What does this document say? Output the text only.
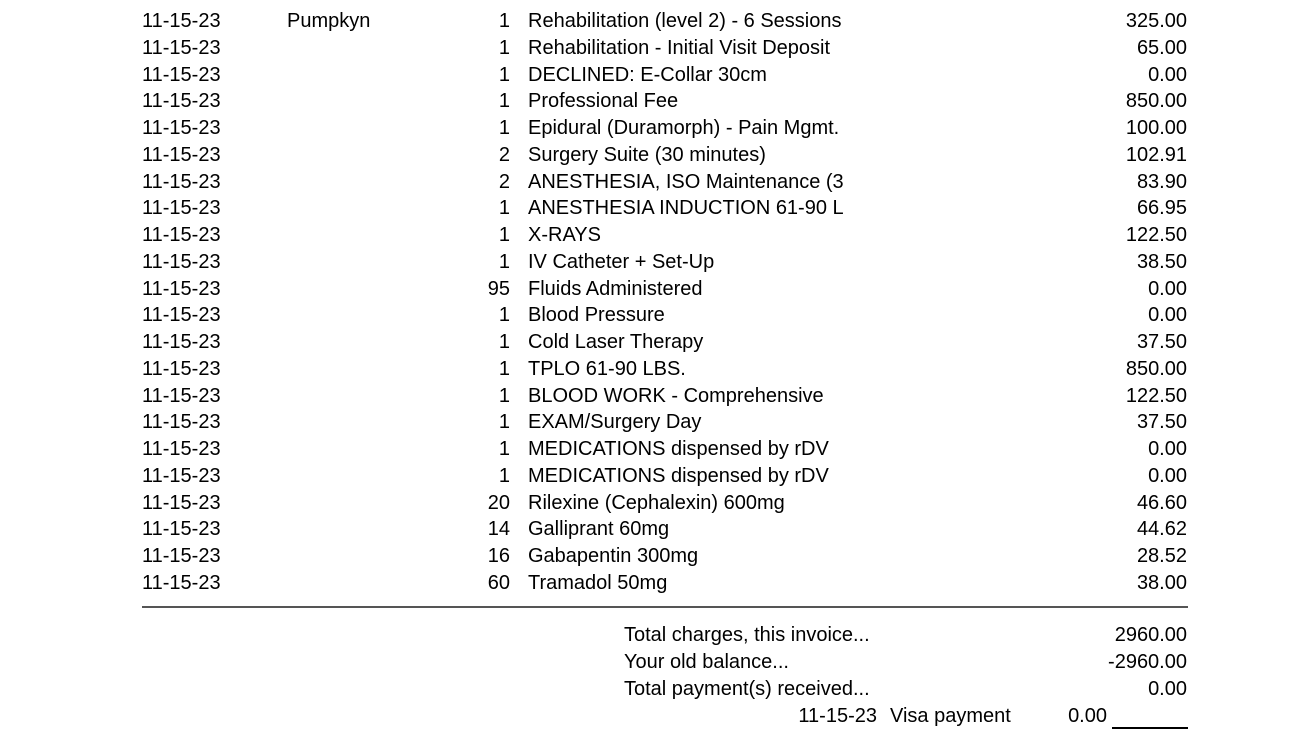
11-15-23	Pumpkyn	1 Rehabilitation (level 2) - 6 Sessions	325.00
11-15-23	1 Rehabilitation - Initial Visit Deposit	65.00
11-15-23	1 DECLINED: E-Collar 30cm	0.00
11-15-23	1 Professional Fee	850.00
11-15-23	1 Epidural (Duramorph) - Pain Mgmt.	100.00
11-15-23	2 Surgery Suite (30 minutes)	102.91
11-15-23	2 ANESTHESIA, ISO Maintenance (3	83.90
11-15-23	1 ANESTHESIA INDUCTION 61-90 L	66.95
11-15-23	1 X-RAYS	122.50
11-15-23	1 IV Catheter + Set-Up	38.50
11-15-23	95 Fluids Administered	0.00
11-15-23	1 Blood Pressure	0.00
11-15-23	1 Cold Laser Therapy	37.50
11-15-23	1 TPLO 61-90 LBS.	850.00
11-15-23	1 BLOOD WORK - Comprehensive	122.50
11-15-23	1 EXAM/Surgery Day	37.50
11-15-23	1 MEDICATIONS dispensed by rDV	0.00
11-15-23	1 MEDICATIONS dispensed by rDV	0.00
11-15-23	20 Rilexine (Cephalexin) 600mg	46.60
11-15-23	14 Galliprant 60mg	44.62
11-15-23	16 Gabapentin 300mg	28.52
11-15-23	60 Tramadol 50mg	38.00
Total charges, this invoice...	2960.00
Your old balance...	-2960.00
Total payment(s) received...	0.00
11-15-23 Visa payment	0.00
